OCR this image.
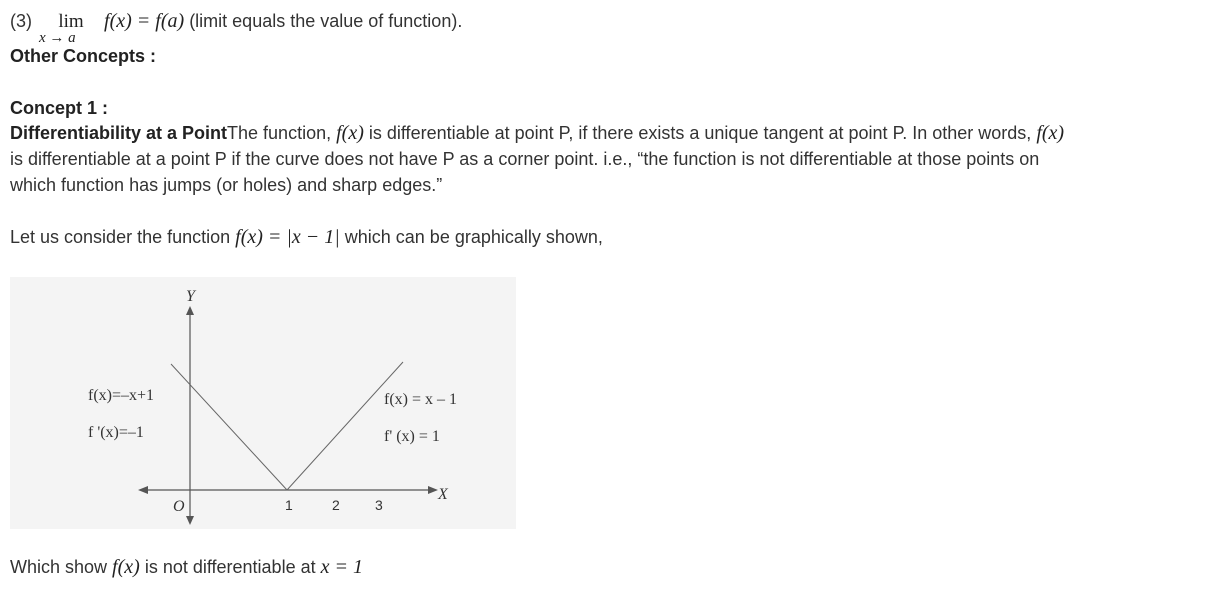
(3) lim
x → a
f(x) = f(a) (limit equals the value of function).
Other Concepts :
Concept 1 :
Differentiability at a PointThe function, f(x) is differentiable at point P, if there exists a unique tangent at point P. In other words, f(x)
is differentiable at a point P if the curve does not have P as a corner point. i.e., “the function is not differentiable at those points on
which function has jumps (or holes) and sharp edges.”
Let us consider the function f(x) = |x − 1| which can be graphically shown,
Y
X
O	1	2	3
f(x)=–x+1
f '(x)=–1
f(x) = x – 1
f' (x) = 1
Which show f(x) is not differentiable at x = 1
